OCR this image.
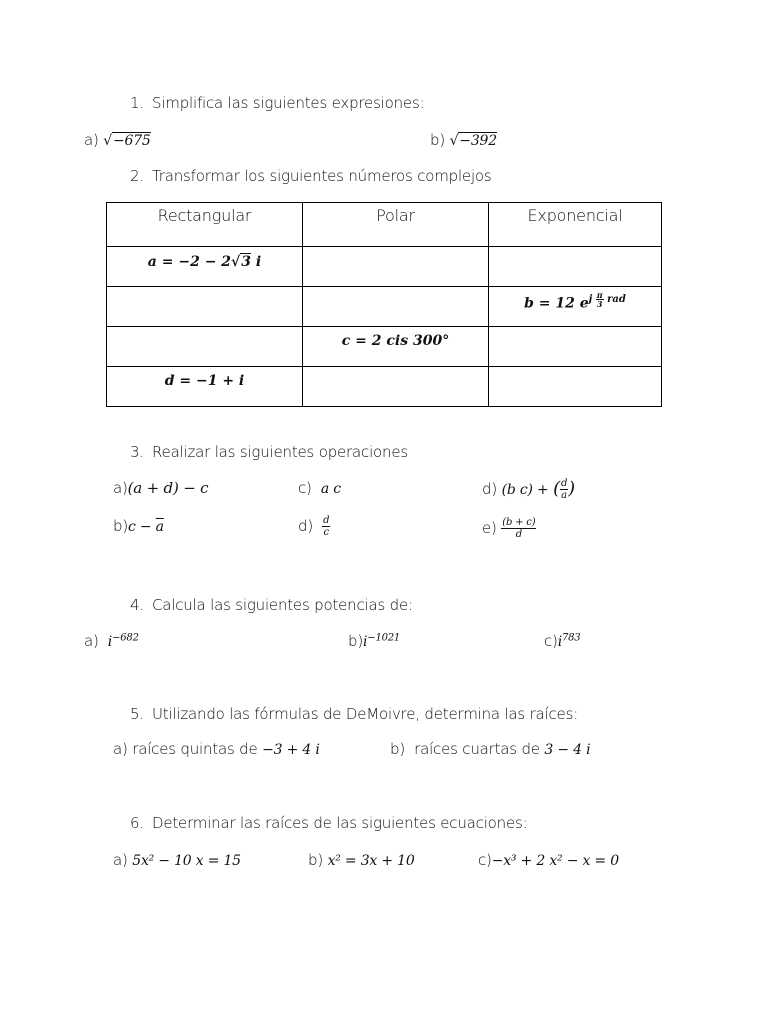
1. Simplifica las siguientes expresiones:
a) √−675	b) √−392
2. Transformar los siguientes números complejos
Rectangular	Polar	Exponencial

a = −2 − 2√3 i		

		b = 12 $e^{j \frac{\pi}{3} rad}$

	c = 2 cis 300°	

d = −1 + i		

3. Realizar las siguientes operaciones
a)(a + d) − c	c) a c	d) (b c) + ( $\frac{d}{a}$ )
$b)c - \overline{a}$	$d) \frac{d}{c}$	$e) \frac{(b + c)}{d}$
4. Calcula las siguientes potencias de:
a) $i^{-682}$	$b)i^{-1021}$	$c)i^{783}$
5. Utilizando las fórmulas de DeMoivre, determina las raíces:
a) raíces quintas de −3 + 4 i	b) raíces cuartas de 3 − 4 i
6. Determinar las raíces de las siguientes ecuaciones:
a) 5x² − 10 x = 15	b) x² = 3x + 10	c)−x³ + 2 x² − x = 0
